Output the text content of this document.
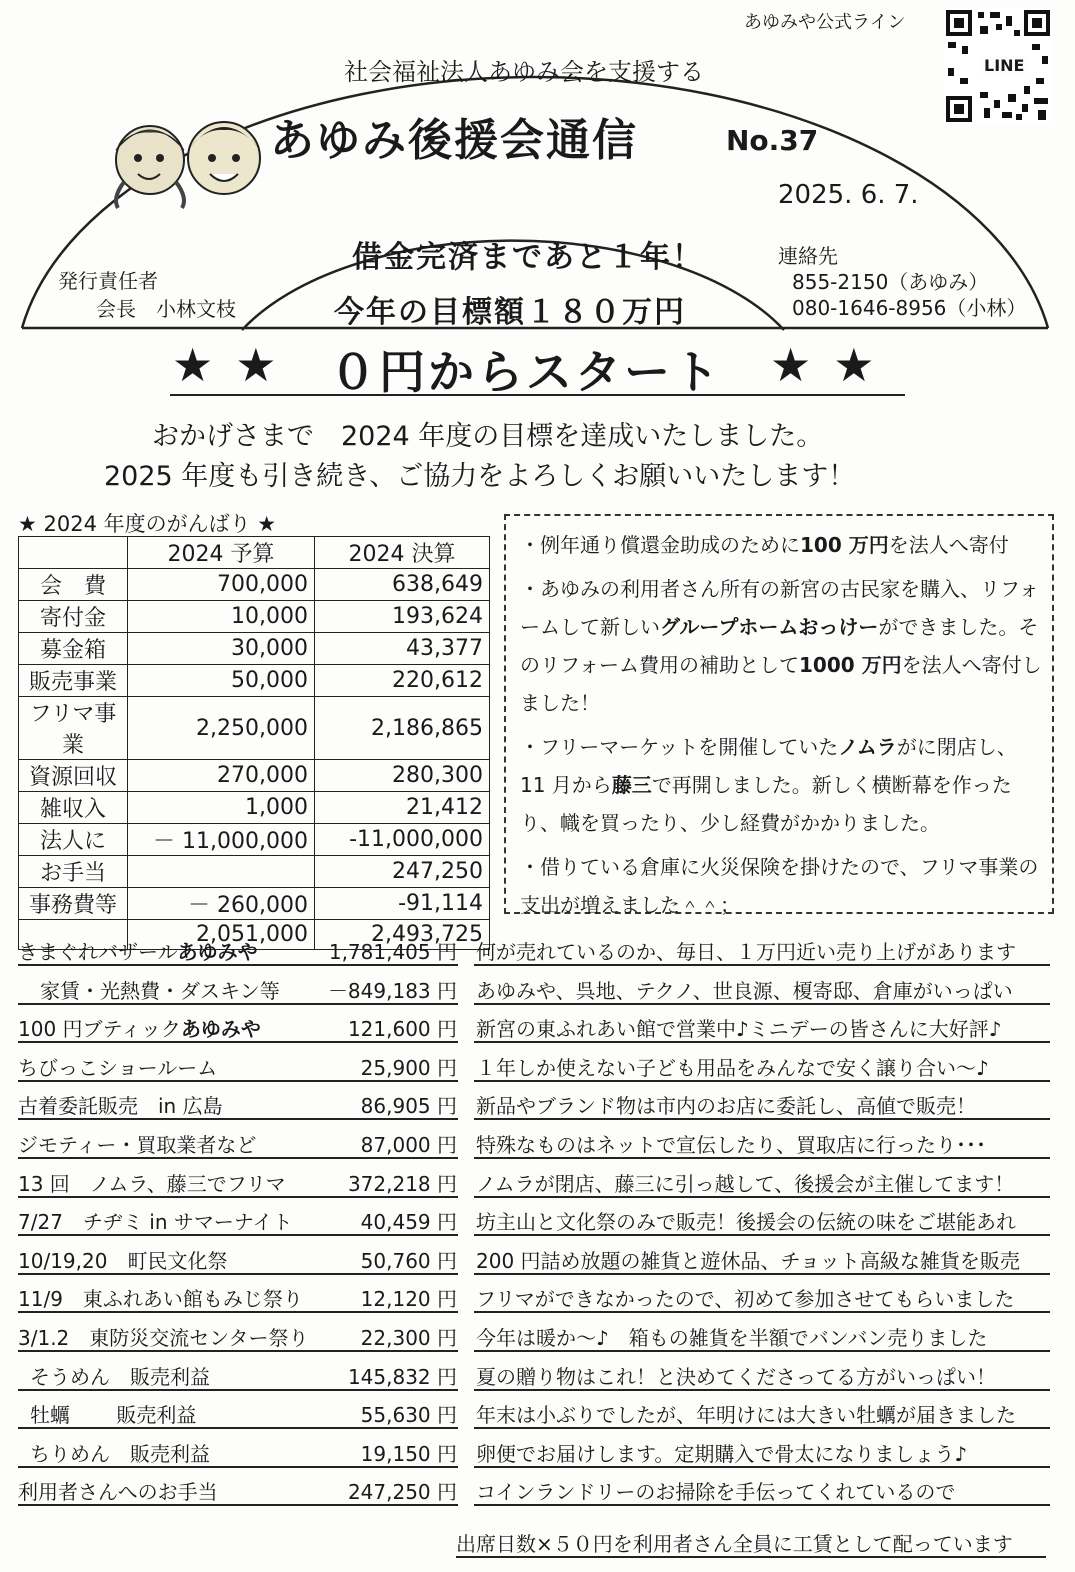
あゆみや公式ライン
LINE
社会福祉法人あゆみ会を支援する
あゆみ後援会通信	No.37
2025. 6. 7.
発行責任者
会長　小林文枝
連絡先
855-2150（あゆみ）
080-1646-8956（小林）
借金完済まであと１年！
今年の目標額１８０万円
★ ★ ０円からスタート ★ ★
おかげさまで　2024 年度の目標を達成いたしました。
2025 年度も引き続き、ご協力をよろしくお願いいたします！
★ 2024 年度のがんばり ★
	2024 予算	2024 決算
会　費	700,000	638,649
寄付金	10,000	193,624
募金箱	30,000	43,377
販売事業	50,000	220,612
フリマ事業	2,250,000	2,186,865
資源回収	270,000	280,300
雑収入	1,000	21,412
法人に	－ 11,000,000	-11,000,000
お手当		247,250
事務費等	－ 260,000	-91,114
	2,051,000	2,493,725

・例年通り償還金助成のために100 万円を法人へ寄付

・あゆみの利用者さん所有の新宮の古民家を購入、リフォームして新しいグループホームおっけーができました。そのリフォーム費用の補助として1000 万円を法人へ寄付しました！

・フリーマーケットを開催していたノムラがに閉店し、11 月から藤三で再開しました。新しく横断幕を作ったり、幟を買ったり、少し経費がかかりました。

・借りている倉庫に火災保険を掛けたので、フリマ事業の支出が増えました＾＾；

きまぐれバザールあゆみや	1,781,405 円 何が売れているのか、毎日、１万円近い売り上げがあります
家賃・光熱費・ダスキン等 －849,183 円 あゆみや、呉地、テクノ、世良源、榎寄邸、倉庫がいっぱい
100 円ブティックあゆみや	121,600 円 新宮の東ふれあい館で営業中♪ミニデーの皆さんに大好評♪
ちびっこショールーム	25,900 円 １年しか使えない子ども用品をみんなで安く譲り合い～♪
古着委託販売　in 広島	86,905 円 新品やブランド物は市内のお店に委託し、高値で販売！
ジモティー・買取業者など	87,000 円 特殊なものはネットで宣伝したり、買取店に行ったり･･･
13 回　ノムラ、藤三でフリマ	372,218 円 ノムラが閉店、藤三に引っ越して、後援会が主催してます！
7/27　チヂミ in サマーナイト	40,459 円 坊主山と文化祭のみで販売！後援会の伝統の味をご堪能あれ
10/19,20　町民文化祭	50,760 円 200 円詰め放題の雑貨と遊休品、チョット高級な雑貨を販売
11/9　東ふれあい館もみじ祭り	12,120 円 フリマができなかったので、初めて参加させてもらいました
3/1.2　東防災交流センター祭り	22,300 円 今年は暖か～♪　箱もの雑貨を半額でバンバン売りました
そうめん　販売利益	145,832 円 夏の贈り物はこれ！と決めてくださってる方がいっぱい！
牡蠣　　 販売利益	55,630 円 年末は小ぶりでしたが、年明けには大きい牡蠣が届きました
ちりめん　販売利益	19,150 円 卵便でお届けします。定期購入で骨太になりましょう♪
利用者さんへのお手当	247,250 円 コインランドリーのお掃除を手伝ってくれているので
出席日数×５０円を利用者さん全員に工賃として配っています
